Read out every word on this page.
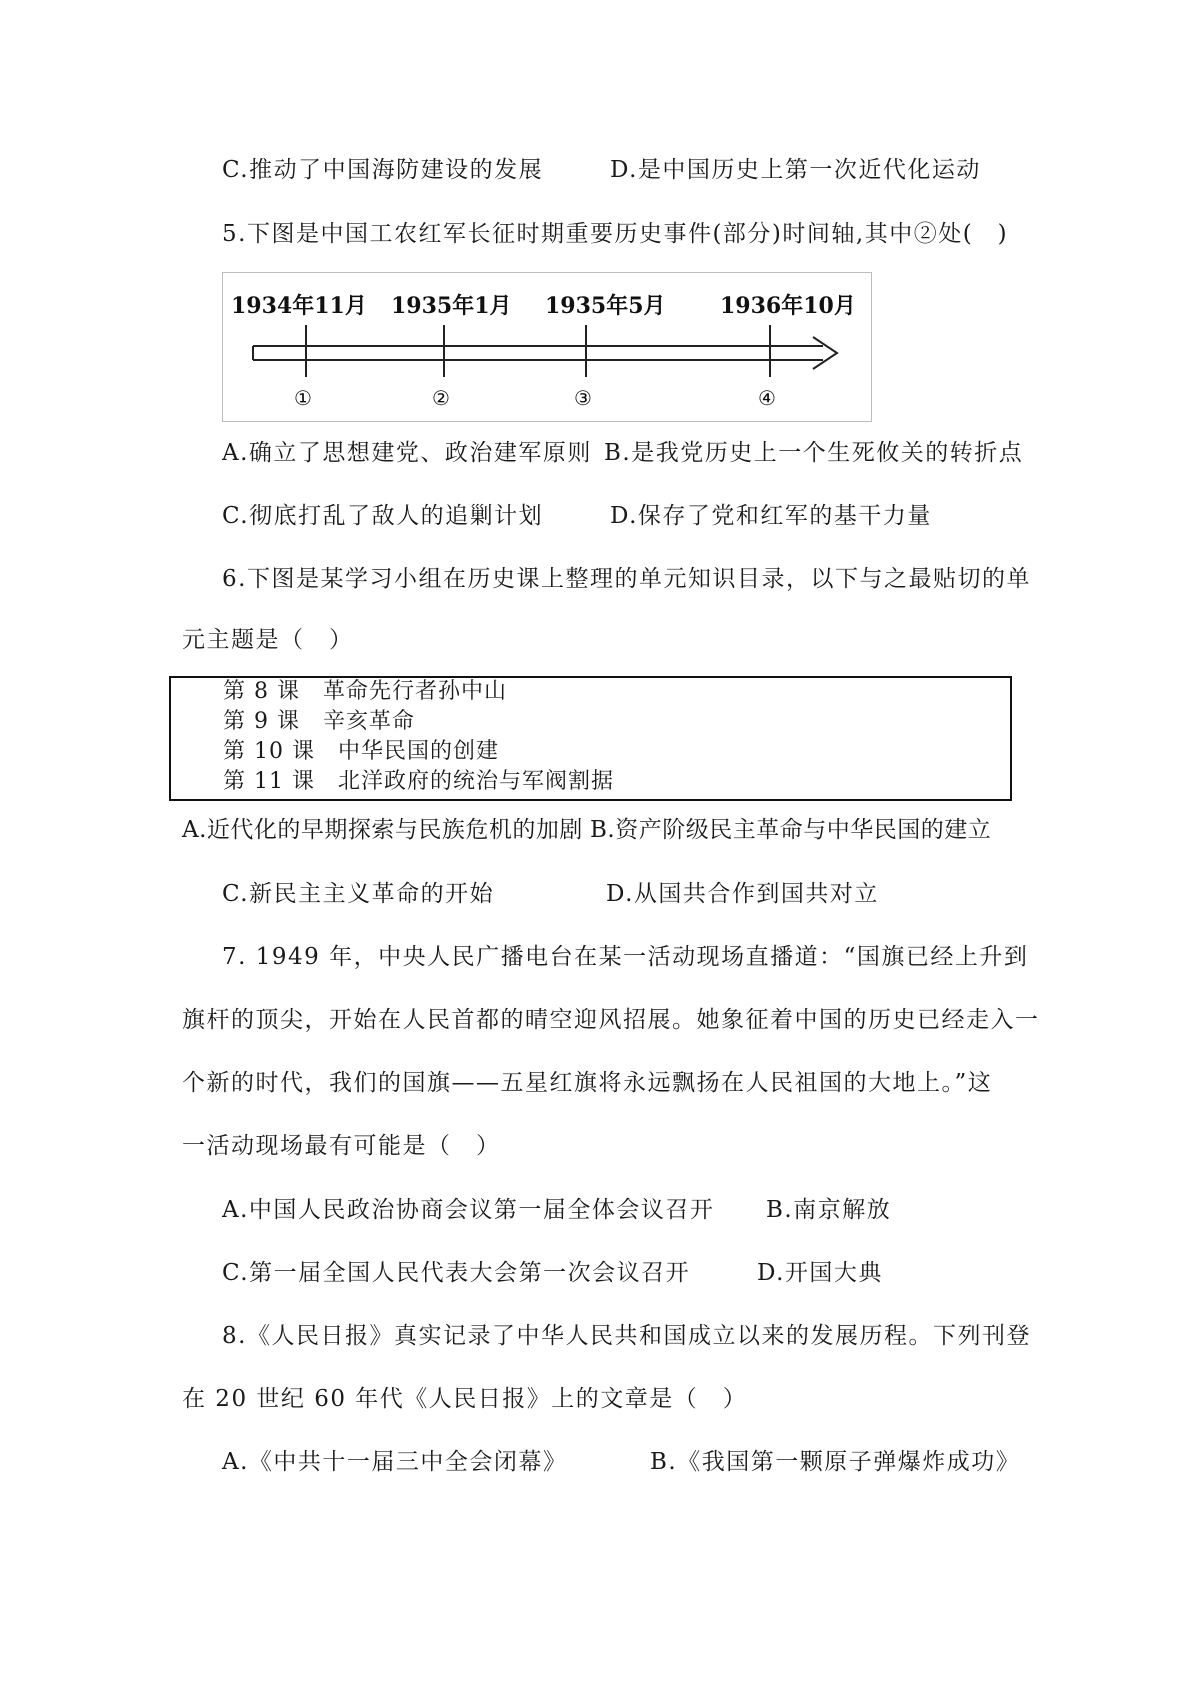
C.推动了中国海防建设的发展	D.是中国历史上第一次近代化运动
5.下图是中国工农红军长征时期重要历史事件(部分)时间轴,其中②处(　)
1934年11月 1935年1月 1935年5月 1936年10月
①	②	③	④
A.确立了思想建党、政治建军原则 B.是我党历史上一个生死攸关的转折点
C.彻底打乱了敌人的追剿计划	D.保存了党和红军的基干力量
6.下图是某学习小组在历史课上整理的单元知识目录，以下与之最贴切的单
元主题是（　）
第 8 课　革命先行者孙中山
第 9 课　辛亥革命
第 10 课　中华民国的创建
第 11 课　北洋政府的统治与军阀割据
A.近代化的早期探索与民族危机的加剧 B.资产阶级民主革命与中华民国的建立
C.新民主主义革命的开始	D.从国共合作到国共对立
7. 1949 年，中央人民广播电台在某一活动现场直播道：“国旗已经上升到
旗杆的顶尖，开始在人民首都的晴空迎风招展。她象征着中国的历史已经走入一
个新的时代，我们的国旗——五星红旗将永远飘扬在人民祖国的大地上。”这
一活动现场最有可能是（　）
A.中国人民政治协商会议第一届全体会议召开 B.南京解放
C.第一届全国人民代表大会第一次会议召开	D.开国大典
8.《人民日报》真实记录了中华人民共和国成立以来的发展历程。下列刊登
在 20 世纪 60 年代《人民日报》上的文章是（　）
A.《中共十一届三中全会闭幕》	B.《我国第一颗原子弹爆炸成功》
